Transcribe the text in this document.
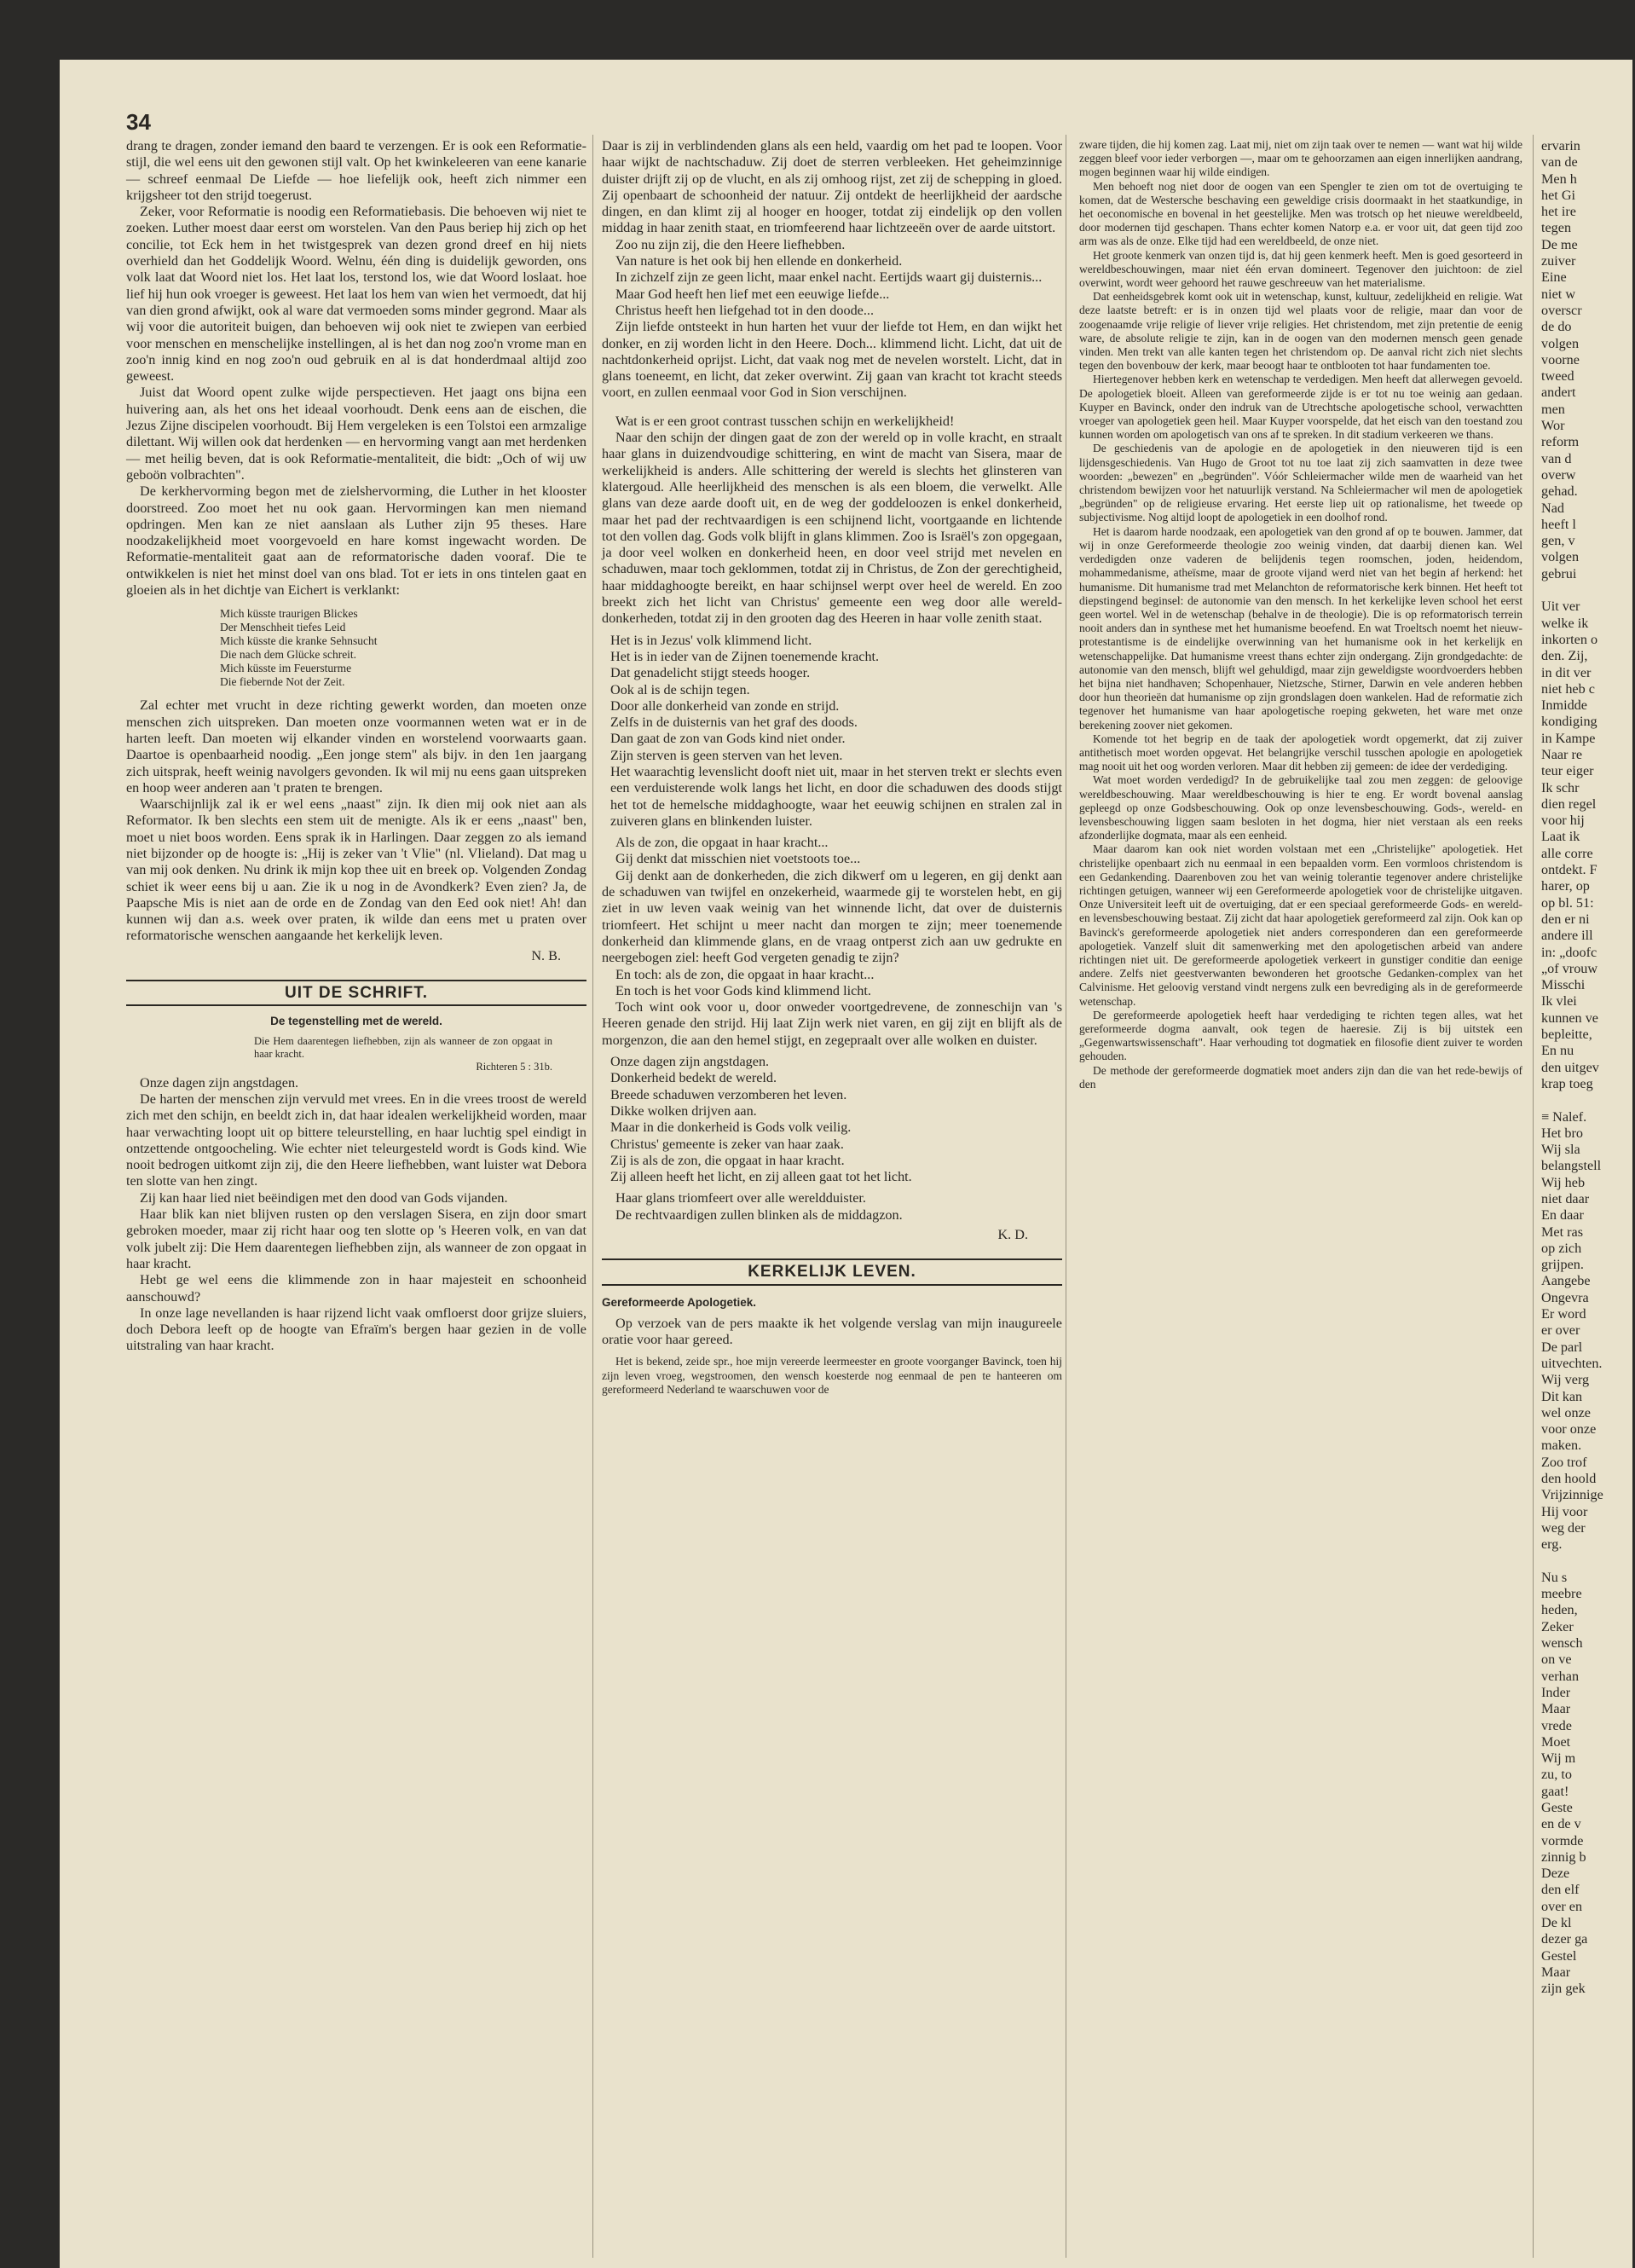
34

drang te dragen, zonder iemand den baard te verzengen. Er is ook een Reformatie-stijl, die wel eens uit den gewonen stijl valt. Op het kwinkeleeren van eene kanarie — schreef eenmaal De Liefde — hoe liefelijk ook, heeft zich nimmer een krijgsheer tot den strijd toegerust.

Zeker, voor Reformatie is noodig een Reformatiebasis. Die behoeven wij niet te zoeken. Luther moest daar eerst om worstelen. Van den Paus beriep hij zich op het concilie, tot Eck hem in het twistgesprek van dezen grond dreef en hij niets overhield dan het Goddelijk Woord. Welnu, één ding is duidelijk geworden, ons volk laat dat Woord niet los. Het laat los, terstond los, wie dat Woord loslaat. hoe lief hij hun ook vroeger is geweest. Het laat los hem van wien het vermoedt, dat hij van dien grond afwijkt, ook al ware dat vermoeden soms minder gegrond. Maar als wij voor die autoriteit buigen, dan behoeven wij ook niet te zwiepen van eerbied voor menschen en menschelijke instellingen, al is het dan nog zoo'n vrome man en zoo'n innig kind en nog zoo'n oud gebruik en al is dat honderdmaal altijd zoo geweest.

Juist dat Woord opent zulke wijde perspectieven. Het jaagt ons bijna een huivering aan, als het ons het ideaal voorhoudt. Denk eens aan de eischen, die Jezus Zijne discipelen voorhoudt. Bij Hem vergeleken is een Tolstoi een armzalige dilettant. Wij willen ook dat herdenken — en hervorming vangt aan met herdenken — met heilig beven, dat is ook Reformatie-mentaliteit, die bidt: „Och of wij uw geboön volbrachten".

De kerkhervorming begon met de zielshervorming, die Luther in het klooster doorstreed. Zoo moet het nu ook gaan. Hervormingen kan men niemand opdringen. Men kan ze niet aanslaan als Luther zijn 95 theses. Hare noodzakelijkheid moet voorgevoeld en hare komst ingewacht worden. De Reformatie-mentaliteit gaat aan de reformatorische daden vooraf. Die te ontwikkelen is niet het minst doel van ons blad. Tot er iets in ons tintelen gaat en gloeien als in het dichtje van Eichert is verklankt:

Mich küsste traurigen Blickes
Der Menschheit tiefes Leid
Mich küsste die kranke Sehnsucht
Die nach dem Glücke schreit.
Mich küsste im Feuersturme
Die fiebernde Not der Zeit.

Zal echter met vrucht in deze richting gewerkt worden, dan moeten onze menschen zich uitspreken. Dan moeten onze voormannen weten wat er in de harten leeft. Dan moeten wij elkander vinden en worstelend voorwaarts gaan. Daartoe is openbaarheid noodig. „Een jonge stem" als bijv. in den 1en jaargang zich uitsprak, heeft weinig navolgers gevonden. Ik wil mij nu eens gaan uitspreken en hoop weer anderen aan 't praten te brengen.

Waarschijnlijk zal ik er wel eens „naast" zijn. Ik dien mij ook niet aan als Reformator. Ik ben slechts een stem uit de menigte. Als ik er eens „naast" ben, moet u niet boos worden. Eens sprak ik in Harlingen. Daar zeggen zo als iemand niet bijzonder op de hoogte is: „Hij is zeker van 't Vlie" (nl. Vlieland). Dat mag u van mij ook denken. Nu drink ik mijn kop thee uit en breek op. Volgenden Zondag schiet ik weer eens bij u aan. Zie ik u nog in de Avondkerk? Even zien? Ja, de Paapsche Mis is niet aan de orde en de Zondag van den Eed ook niet! Ah! dan kunnen wij dan a.s. week over praten, ik wilde dan eens met u praten over reformatorische wenschen aangaande het kerkelijk leven.

N. B.
UIT DE SCHRIFT.
De tegenstelling met de wereld.
Die Hem daarentegen liefhebben, zijn als wanneer de zon opgaat in haar kracht.
Richteren 5 : 31b.

Onze dagen zijn angstdagen.

De harten der menschen zijn vervuld met vrees. En in die vrees troost de wereld zich met den schijn, en beeldt zich in, dat haar idealen werkelijkheid worden, maar haar verwachting loopt uit op bittere teleurstelling, en haar luchtig spel eindigt in ontzettende ontgoocheling. Wie echter niet teleurgesteld wordt is Gods kind. Wie nooit bedrogen uitkomt zijn zij, die den Heere liefhebben, want luister wat Debora ten slotte van hen zingt.

Zij kan haar lied niet beëindigen met den dood van Gods vijanden.

Haar blik kan niet blijven rusten op den verslagen Sisera, en zijn door smart gebroken moeder, maar zij richt haar oog ten slotte op 's Heeren volk, en van dat volk jubelt zij: Die Hem daarentegen liefhebben zijn, als wanneer de zon opgaat in haar kracht.

Hebt ge wel eens die klimmende zon in haar majesteit en schoonheid aanschouwd?

In onze lage nevellanden is haar rijzend licht vaak omfloerst door grijze sluiers, doch Debora leeft op de hoogte van Efraïm's bergen haar gezien in de volle uitstraling van haar kracht.

Daar is zij in verblindenden glans als een held, vaardig om het pad te loopen. Voor haar wijkt de nachtschaduw. Zij doet de sterren verbleeken. Het geheimzinnige duister drijft zij op de vlucht, en als zij omhoog rijst, zet zij de schepping in gloed. Zij openbaart de schoonheid der natuur. Zij ontdekt de heerlijkheid der aardsche dingen, en dan klimt zij al hooger en hooger, totdat zij eindelijk op den vollen middag in haar zenith staat, en triomfeerend haar lichtzeeën over de aarde uitstort.

Zoo nu zijn zij, die den Heere liefhebben.

Van nature is het ook bij hen ellende en donkerheid.

In zichzelf zijn ze geen licht, maar enkel nacht. Eertijds waart gij duisternis...

Maar God heeft hen lief met een eeuwige liefde...

Christus heeft hen liefgehad tot in den doode...

Zijn liefde ontsteekt in hun harten het vuur der liefde tot Hem, en dan wijkt het donker, en zij worden licht in den Heere. Doch... klimmend licht. Licht, dat uit de nachtdonkerheid oprijst. Licht, dat vaak nog met de nevelen worstelt. Licht, dat in glans toeneemt, en licht, dat zeker overwint. Zij gaan van kracht tot kracht steeds voort, en zullen eenmaal voor God in Sion verschijnen.

Wat is er een groot contrast tusschen schijn en werkelijkheid!

Naar den schijn der dingen gaat de zon der wereld op in volle kracht, en straalt haar glans in duizendvoudige schittering, en wint de macht van Sisera, maar de werkelijkheid is anders. Alle schittering der wereld is slechts het glinsteren van klatergoud. Alle heerlijkheid des menschen is als een bloem, die verwelkt. Alle glans van deze aarde dooft uit, en de weg der goddeloozen is enkel donkerheid, maar het pad der rechtvaardigen is een schijnend licht, voortgaande en lichtende tot den vollen dag. Gods volk blijft in glans klimmen. Zoo is Israël's zon opgegaan, ja door veel wolken en donkerheid heen, en door veel strijd met nevelen en schaduwen, maar toch geklommen, totdat zij in Christus, de Zon der gerechtigheid, haar middaghoogte bereikt, en haar schijnsel werpt over heel de wereld. En zoo breekt zich het licht van Christus' gemeente een weg door alle wereld-donkerheden, totdat zij in den grooten dag des Heeren in haar volle zenith staat.

Het is in Jezus' volk klimmend licht.
Het is in ieder van de Zijnen toenemende kracht.
Dat genadelicht stijgt steeds hooger.
Ook al is de schijn tegen.
Door alle donkerheid van zonde en strijd.
Zelfs in de duisternis van het graf des doods.
Dan gaat de zon van Gods kind niet onder.
Zijn sterven is geen sterven van het leven.
Het waarachtig levenslicht dooft niet uit, maar in het sterven trekt er slechts even een verduisterende wolk langs het licht, en door die schaduwen des doods stijgt het tot de hemelsche middaghoogte, waar het eeuwig schijnen en stralen zal in zuiveren glans en blinkenden luister.

Als de zon, die opgaat in haar kracht...

Gij denkt dat misschien niet voetstoots toe...

Gij denkt aan de donkerheden, die zich dikwerf om u legeren, en gij denkt aan de schaduwen van twijfel en onzekerheid, waarmede gij te worstelen hebt, en gij ziet in uw leven vaak weinig van het winnende licht, dat over de duisternis triomfeert. Het schijnt u meer nacht dan morgen te zijn; meer toenemende donkerheid dan klimmende glans, en de vraag ontperst zich aan uw gedrukte en neergebogen ziel: heeft God vergeten genadig te zijn?

En toch: als de zon, die opgaat in haar kracht...

En toch is het voor Gods kind klimmend licht.

Toch wint ook voor u, door onweder voortgedrevene, de zonneschijn van 's Heeren genade den strijd. Hij laat Zijn werk niet varen, en gij zijt en blijft als de morgenzon, die aan den hemel stijgt, en zegepraalt over alle wolken en duister.

Onze dagen zijn angstdagen.
Donkerheid bedekt de wereld.
Breede schaduwen verzomberen het leven.
Dikke wolken drijven aan.
Maar in die donkerheid is Gods volk veilig.
Christus' gemeente is zeker van haar zaak.
Zij is als de zon, die opgaat in haar kracht.
Zij alleen heeft het licht, en zij alleen gaat tot het licht.

Haar glans triomfeert over alle wereldduister.

De rechtvaardigen zullen blinken als de middagzon.

K. D.
KERKELIJK LEVEN.
Gereformeerde Apologetiek.

Op verzoek van de pers maakte ik het volgende verslag van mijn inaugureele oratie voor haar gereed.

Het is bekend, zeide spr., hoe mijn vereerde leermeester en groote voorganger Bavinck, toen hij zijn leven vroeg, wegstroomen, den wensch koesterde nog eenmaal de pen te hanteeren om gereformeerd Nederland te waarschuwen voor de

zware tijden, die hij komen zag. Laat mij, niet om zijn taak over te nemen — want wat hij wilde zeggen bleef voor ieder verborgen —, maar om te gehoorzamen aan eigen innerlijken aandrang, mogen beginnen waar hij wilde eindigen.

Men behoeft nog niet door de oogen van een Spengler te zien om tot de overtuiging te komen, dat de Westersche beschaving een geweldige crisis doormaakt in het staatkundige, in het oeconomische en bovenal in het geestelijke. Men was trotsch op het nieuwe wereldbeeld, door modernen tijd geschapen. Thans echter komen Natorp e.a. er voor uit, dat geen tijd zoo arm was als de onze. Elke tijd had een wereldbeeld, de onze niet.

Het groote kenmerk van onzen tijd is, dat hij geen kenmerk heeft. Men is goed gesorteerd in wereldbeschouwingen, maar niet één ervan domineert. Tegenover den juichtoon: de ziel overwint, wordt weer gehoord het rauwe geschreeuw van het materialisme.

Dat eenheidsgebrek komt ook uit in wetenschap, kunst, kultuur, zedelijkheid en religie. Wat deze laatste betreft: er is in onzen tijd wel plaats voor de religie, maar dan voor de zoogenaamde vrije religie of liever vrije religies. Het christendom, met zijn pretentie de eenig ware, de absolute religie te zijn, kan in de oogen van den modernen mensch geen genade vinden. Men trekt van alle kanten tegen het christendom op. De aanval richt zich niet slechts tegen den bovenbouw der kerk, maar beoogt haar te ontblooten tot haar fundamenten toe.

Hiertegenover hebben kerk en wetenschap te verdedigen. Men heeft dat allerwegen gevoeld. De apologetiek bloeit. Alleen van gereformeerde zijde is er tot nu toe weinig aan gedaan. Kuyper en Bavinck, onder den indruk van de Utrechtsche apologetische school, verwachtten vroeger van apologetiek geen heil. Maar Kuyper voorspelde, dat het eisch van den toestand zou kunnen worden om apologetisch van ons af te spreken. In dit stadium verkeeren we thans.

De geschiedenis van de apologie en de apologetiek in den nieuweren tijd is een lijdensgeschiedenis. Van Hugo de Groot tot nu toe laat zij zich saamvatten in deze twee woorden: „bewezen" en „begründen". Vóór Schleiermacher wilde men de waarheid van het christendom bewijzen voor het natuurlijk verstand. Na Schleiermacher wil men de apologetiek „begründen" op de religieuse ervaring. Het eerste liep uit op rationalisme, het tweede op subjectivisme. Nog altijd loopt de apologetiek in een doolhof rond.

Het is daarom harde noodzaak, een apologetiek van den grond af op te bouwen. Jammer, dat wij in onze Gereformeerde theologie zoo weinig vinden, dat daarbij dienen kan. Wel verdedigden onze vaderen de belijdenis tegen roomschen, joden, heidendom, mohammedanisme, atheïsme, maar de groote vijand werd niet van het begin af herkend: het humanisme. Dit humanisme trad met Melanchton de reformatorische kerk binnen. Het heeft tot diepstingend beginsel: de autonomie van den mensch. In het kerkelijke leven school het eerst geen wortel. Wel in de wetenschap (behalve in de theologie). Die is op reformatorisch terrein nooit anders dan in synthese met het humanisme beoefend. En wat Troeltsch noemt het nieuw-protestantisme is de eindelijke overwinning van het humanisme ook in het kerkelijk en wetenschappelijke. Dat humanisme vreest thans echter zijn ondergang. Zijn grondgedachte: de autonomie van den mensch, blijft wel gehuldigd, maar zijn geweldigste woordvoerders hebben het bijna niet handhaven; Schopenhauer, Nietzsche, Stirner, Darwin en vele anderen hebben door hun theorieën dat humanisme op zijn grondslagen doen wankelen. Had de reformatie zich tegenover het humanisme van haar apologetische roeping gekweten, het ware met onze berekening zoover niet gekomen.

Komende tot het begrip en de taak der apologetiek wordt opgemerkt, dat zij zuiver antithetisch moet worden opgevat. Het belangrijke verschil tusschen apologie en apologetiek mag nooit uit het oog worden verloren. Maar dit hebben zij gemeen: de idee der verdediging.

Wat moet worden verdedigd? In de gebruikelijke taal zou men zeggen: de geloovige wereldbeschouwing. Maar wereldbeschouwing is hier te eng. Er wordt bovenal aanslag gepleegd op onze Godsbeschouwing. Ook op onze levensbeschouwing. Gods-, wereld- en levensbeschouwing liggen saam besloten in het dogma, hier niet verstaan als een reeks afzonderlijke dogmata, maar als een eenheid.

Maar daarom kan ook niet worden volstaan met een „Christelijke" apologetiek. Het christelijke openbaart zich nu eenmaal in een bepaalden vorm. Een vormloos christendom is een Gedankending. Daarenboven zou het van weinig tolerantie tegenover andere christelijke richtingen getuigen, wanneer wij een Gereformeerde apologetiek voor de christelijke uitgaven. Onze Universiteit leeft uit de overtuiging, dat er een speciaal gereformeerde Gods- en wereld- en levensbeschouwing bestaat. Zij zicht dat haar apologetiek gereformeerd zal zijn. Ook kan op Bavinck's gereformeerde apologetiek niet anders corresponderen dan een gereformeerde apologetiek. Vanzelf sluit dit samenwerking met den apologetischen arbeid van andere richtingen niet uit. De gereformeerde apologetiek verkeert in gunstiger conditie dan eenige andere. Zelfs niet geestverwanten bewonderen het grootsche Gedanken-complex van het Calvinisme. Het geloovig verstand vindt nergens zulk een bevrediging als in de gereformeerde wetenschap.

De gereformeerde apologetiek heeft haar verdediging te richten tegen alles, wat het gereformeerde dogma aanvalt, ook tegen de haeresie. Zij is bij uitstek een „Gegenwartswissenschaft". Haar verhouding tot dogmatiek en filosofie dient zuiver te worden gehouden.

De methode der gereformeerde dogmatiek moet anders zijn dan die van het rede-bewijs of den

ervarin

van de

Men h

het Gi

het ire

tegen

De me

zuiver

Eine

niet w

overscr

de do

volgen

voorne

tweed

andert

men

Wor

reform

van d

overw

gehad.

Nad

heeft l

gen, v

volgen

gebrui

Uit ver

welke ik

inkorten o

den. Zij,

in dit ver

niet heb c

Inmidde

kondiging

in Kampe

Naar re

teur eiger

Ik schr

dien regel

voor hij

Laat ik

alle corre

ontdekt. F

harer, op

op bl. 51:

den er ni

andere ill

in: „doofc

„of vrouw

Misschi

Ik vlei

kunnen ve

bepleitte,

En nu

den uitgev

krap toeg

≡ Nalef.

Het bro

Wij sla

belangstell

Wij heb

niet daar

En daar

Met ras

op zich

grijpen.

Aangebe

Ongevra

Er word

er over

De parl

uitvechten.

Wij verg

Dit kan

wel onze

voor onze

maken.

Zoo trof

den hoold

Vrijzinnige

Hij voor

weg der

erg.

Nu s

meebre

heden,

Zeker

wensch

on ve

verhan

Inder

Maar

vrede

Moet

Wij m

zu, to

gaat!

Geste

en de v

vormde

zinnig b

Deze

den elf

over en

De kl

dezer ga

Gestel

Maar

zijn gek
